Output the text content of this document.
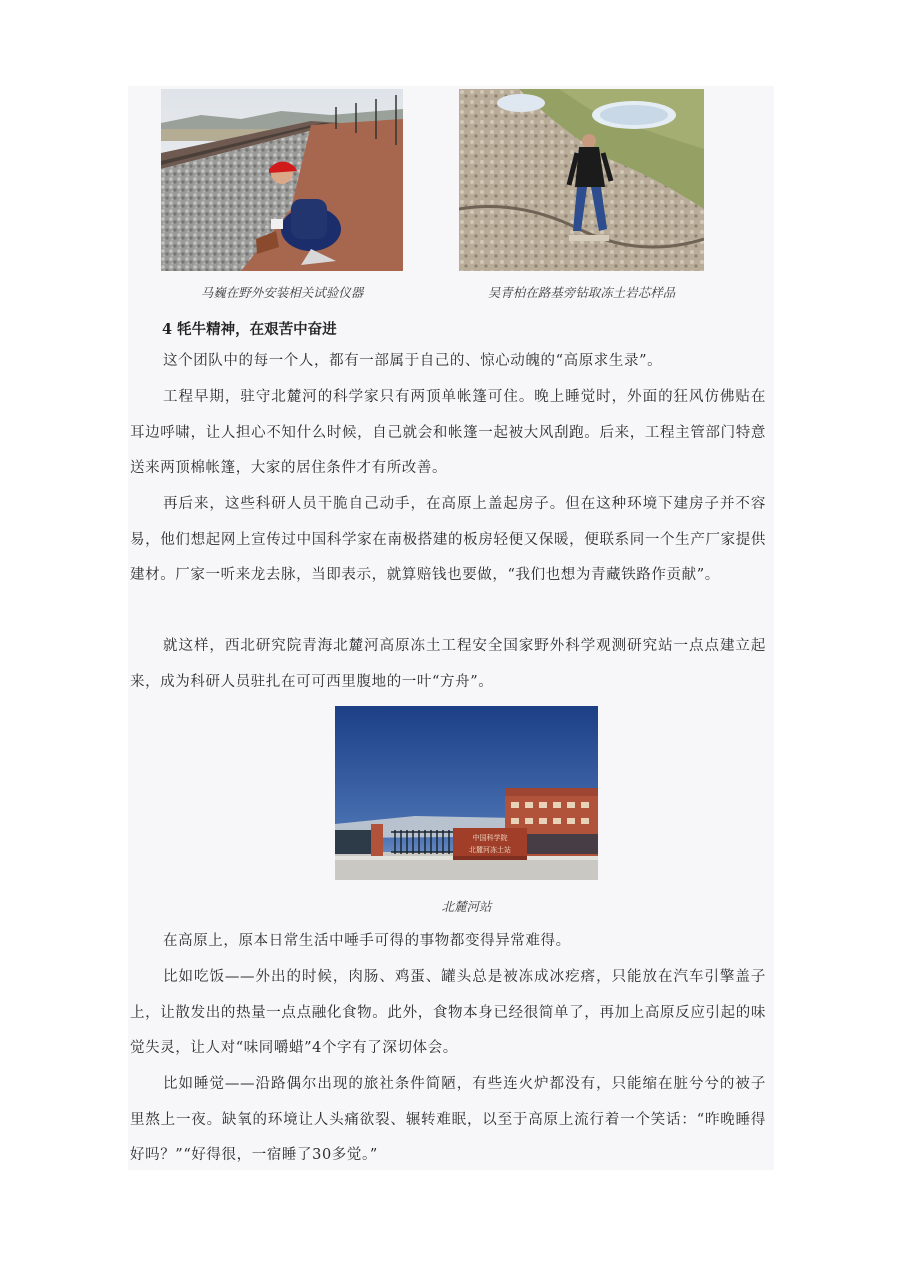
马巍在野外安装相关试验仪器	吴青柏在路基旁钻取冻土岩芯样品
4 牦牛精神，在艰苦中奋进

这个团队中的每一个人，都有一部属于自己的、惊心动魄的“高原求生录”。

工程早期，驻守北麓河的科学家只有两顶单帐篷可住。晚上睡觉时，外面的狂风仿佛贴在耳边呼啸，让人担心不知什么时候，自己就会和帐篷一起被大风刮跑。后来，工程主管部门特意送来两顶棉帐篷，大家的居住条件才有所改善。

再后来，这些科研人员干脆自己动手，在高原上盖起房子。但在这种环境下建房子并不容易，他们想起网上宣传过中国科学家在南极搭建的板房轻便又保暖，便联系同一个生产厂家提供建材。厂家一听来龙去脉，当即表示，就算赔钱也要做，“我们也想为青藏铁路作贡献”。

就这样，西北研究院青海北麓河高原冻土工程安全国家野外科学观测研究站一点点建立起来，成为科研人员驻扎在可可西里腹地的一叶“方舟”。

中国科学院
北麓河冻土站
北麓河站

在高原上，原本日常生活中唾手可得的事物都变得异常难得。

比如吃饭——外出的时候，肉肠、鸡蛋、罐头总是被冻成冰疙瘩，只能放在汽车引擎盖子上，让散发出的热量一点点融化食物。此外，食物本身已经很简单了，再加上高原反应引起的味觉失灵，让人对“味同嚼蜡”4个字有了深切体会。

比如睡觉——沿路偶尔出现的旅社条件简陋，有些连火炉都没有，只能缩在脏兮兮的被子里熬上一夜。缺氧的环境让人头痛欲裂、辗转难眠，以至于高原上流行着一个笑话：“昨晚睡得好吗？”“好得很，一宿睡了30多觉。”
